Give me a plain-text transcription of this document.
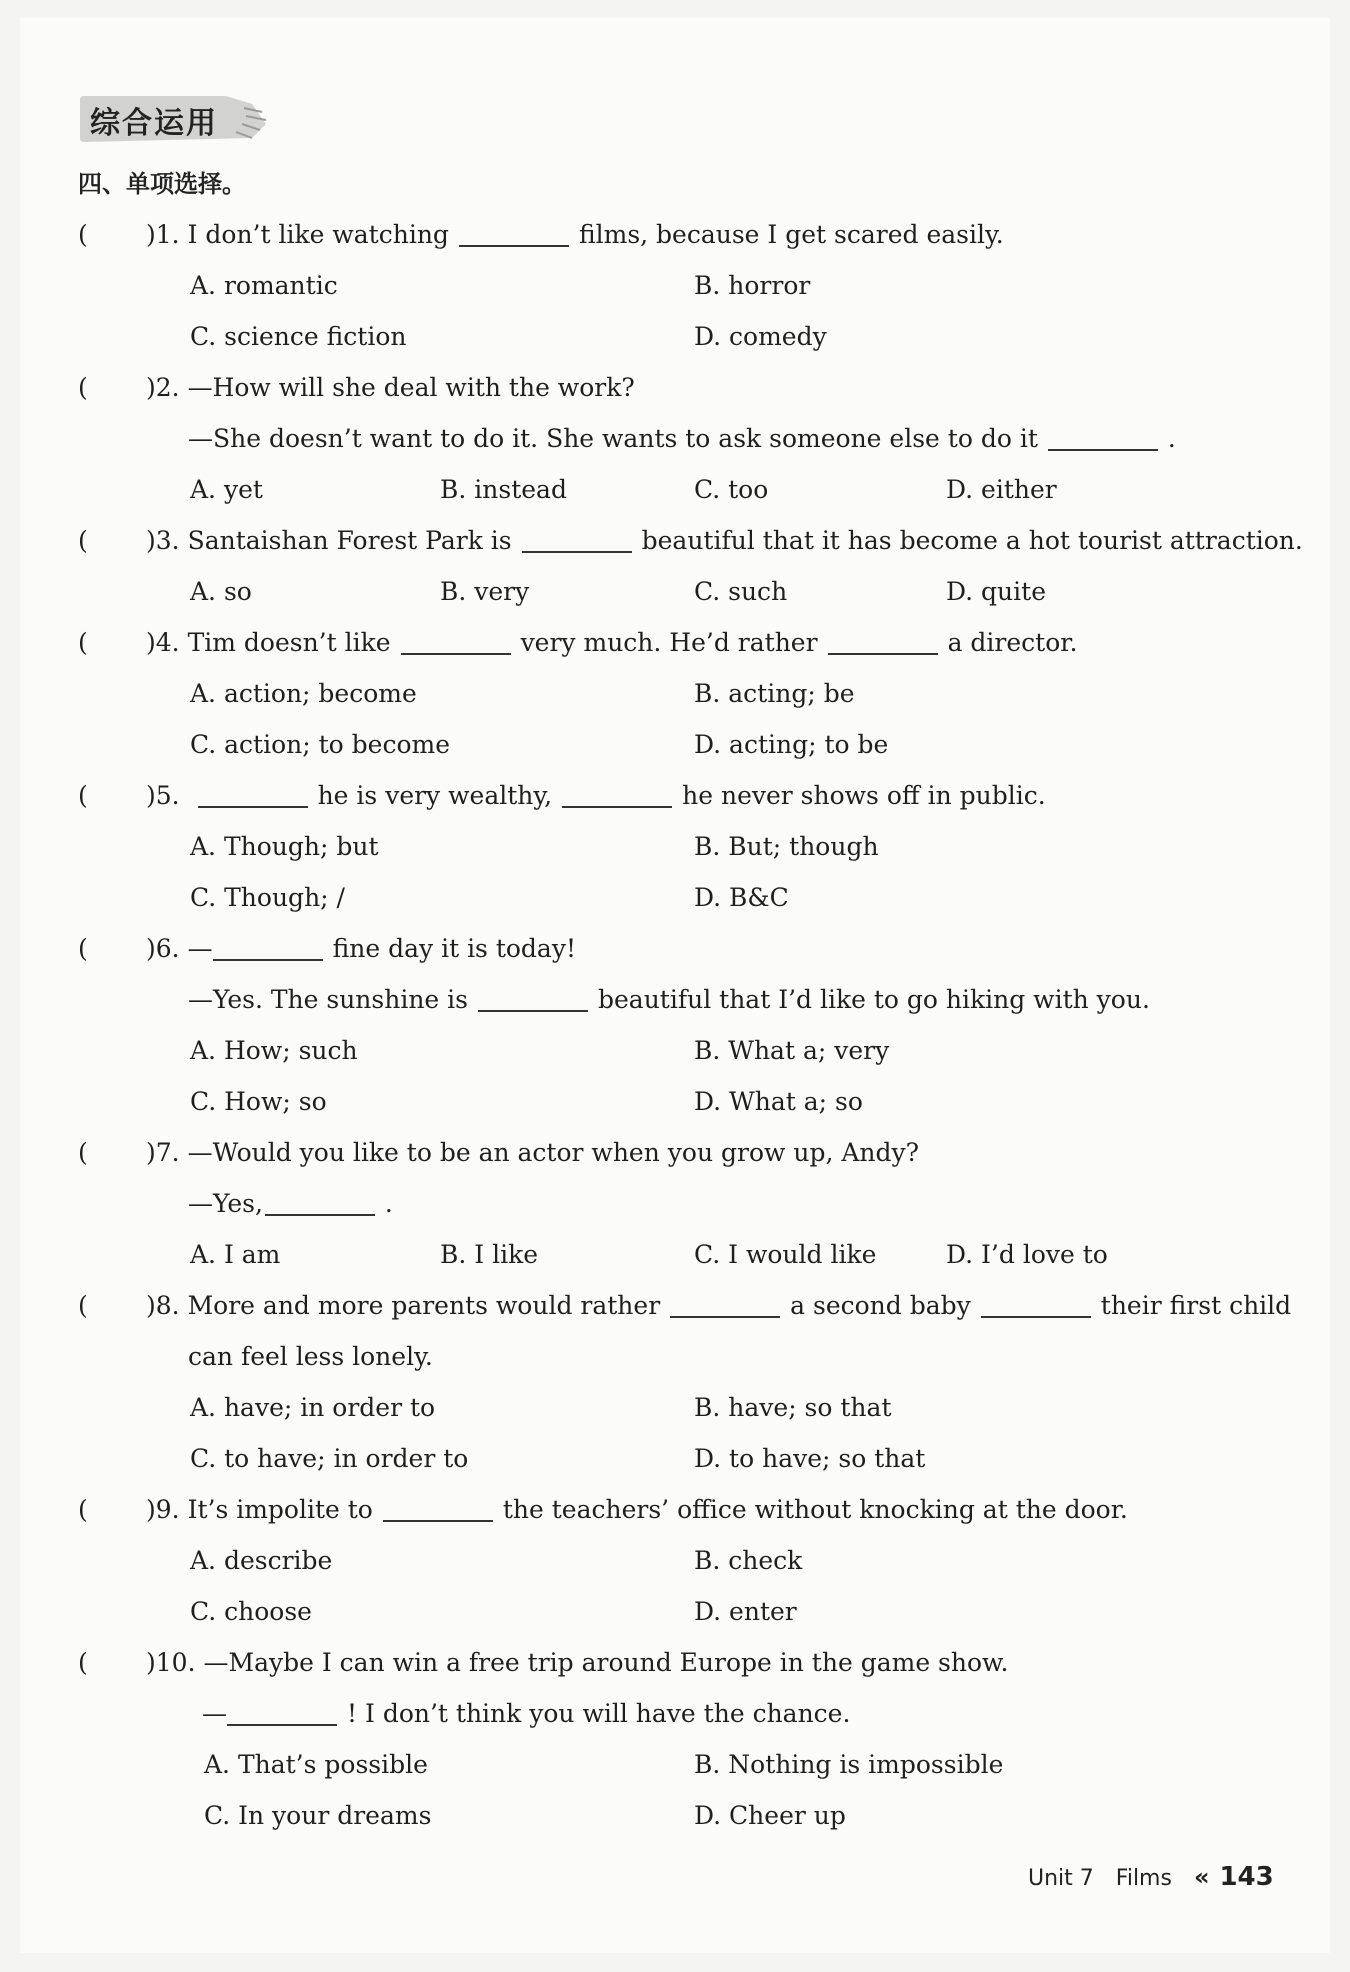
综合运用
四、单项选择。
( )1. I don’t like watching	films, because I get scared easily.
A. romantic	B. horror
C. science fiction	D. comedy
( )2. —How will she deal with the work?
—She doesn’t want to do it. She wants to ask someone else to do it	.
A. yet	B. instead	C. too	D. either
( )3. Santaishan Forest Park is	beautiful that it has become a hot tourist attraction.
A. so	B. very	C. such	D. quite
( )4. Tim doesn’t like	very much. He’d rather	a director.
A. action; become	B. acting; be
C. action; to become	D. acting; to be
( )5.	he is very wealthy,	he never shows off in public.
A. Though; but	B. But; though
C. Though; /	D. B&C
( )6. —	fine day it is today!
—Yes. The sunshine is	beautiful that I’d like to go hiking with you.
A. How; such	B. What a; very
C. How; so	D. What a; so
( )7. —Would you like to be an actor when you grow up, Andy?
—Yes,	.
A. I am	B. I like	C. I would like	D. I’d love to
( )8. More and more parents would rather	a second baby	their first child
can feel less lonely.
A. have; in order to	B. have; so that
C. to have; in order to	D. to have; so that
( )9. It’s impolite to	the teachers’ office without knocking at the door.
A. describe	B. check
C. choose	D. enter
( )10. —Maybe I can win a free trip around Europe in the game show.
—	! I don’t think you will have the chance.
A. That’s possible	B. Nothing is impossible
C. In your dreams	D. Cheer up
Unit 7 Films « 143
